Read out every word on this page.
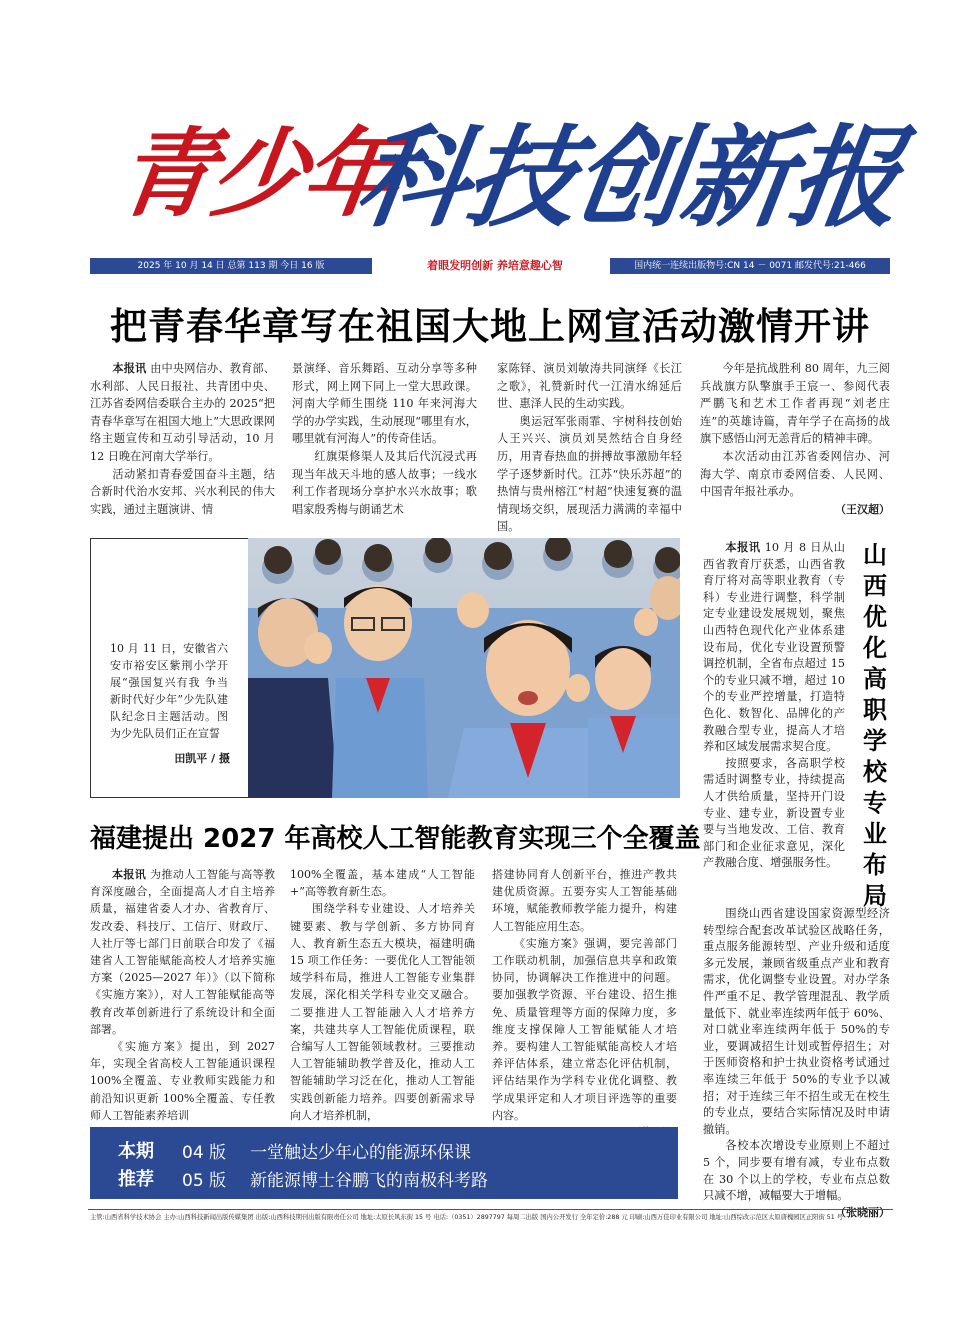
青少年
科技创新报
2025 年 10 月 14 日 总第 113 期 今日 16 版	着眼发明创新 养培意趣心智	国内统一连续出版物号:CN 14 － 0071 邮发代号:21-466
把青春华章写在祖国大地上网宣活动激情开讲

本报讯 由中央网信办、教育部、水利部、人民日报社、共青团中央、江苏省委网信委联合主办的 2025“把青春华章写在祖国大地上”大思政课网络主题宣传和互动引导活动，10 月 12 日晚在河南大学举行。

活动紧扣青春爱国奋斗主题，结合新时代治水安邦、兴水利民的伟大实践，通过主题演讲、情

景演绎、音乐舞蹈、互动分享等多种形式，网上网下同上一堂大思政课。河南大学师生围绕 110 年来河海大学的办学实践，生动展现“哪里有水，哪里就有河海人”的传奇佳话。

红旗渠修渠人及其后代沉浸式再现当年战天斗地的感人故事；一线水利工作者现场分享护水兴水故事；歌唱家殷秀梅与朗诵艺术

家陈铎、演员刘敏涛共同演绎《长江之歌》，礼赞新时代一江清水绵延后世、惠泽人民的生动实践。

奥运冠军张雨霏、宇树科技创始人王兴兴、演员刘昊然结合自身经历，用青春热血的拼搏故事激励年轻学子逐梦新时代。江苏“快乐苏超”的热情与贵州榕江“村超”快速复赛的温情现场交织，展现活力满满的幸福中国。

今年是抗战胜利 80 周年，九三阅兵战旗方队擎旗手王宸一、参阅代表严鹏飞和艺术工作者再现“刘老庄连”的英雄诗篇，青年学子在高扬的战旗下感悟山河无恙背后的精神丰碑。

本次活动由江苏省委网信办、河海大学、南京市委网信委、人民网、中国青年报社承办。

（王汉超）
10 月 11 日，安徽省六安市裕安区紫荆小学开展“强国复兴有我 争当新时代好少年”少先队建队纪念日主题活动。图为少先队员们正在宣誓
田凯平 / 摄
山西优化高职学校专业布局

本报讯 10 月 8 日从山西省教育厅获悉，山西省教育厅将对高等职业教育（专科）专业进行调整，科学制定专业建设发展规划，聚焦山西特色现代化产业体系建设布局，优化专业设置预警调控机制，全省布点超过 15 个的专业只减不增，超过 10 个的专业严控增量，打造特色化、数智化、品牌化的产教融合型专业，提高人才培养和区域发展需求契合度。

按照要求，各高职学校需适时调整专业，持续提高人才供给质量，坚持开门设专业、建专业，新设置专业要与当地发改、工信、教育部门和企业征求意见，深化产教融合度、增强服务性。

围绕山西省建设国家资源型经济转型综合配套改革试验区战略任务，重点服务能源转型、产业升级和适度多元发展，兼顾省级重点产业和教育需求，优化调整专业设置。对办学条件严重不足、教学管理混乱、教学质量低下、就业率连续两年低于 60%、对口就业率连续两年低于 50%的专业，要调减招生计划或暂停招生；对于医师资格和护士执业资格考试通过率连续三年低于 50%的专业予以减招；对于连续三年不招生或无在校生的专业点，要结合实际情况及时申请撤销。

各校本次增设专业原则上不超过 5 个，同步要有增有减，专业布点数在 30 个以上的学校，专业布点总数只减不增，减幅要大于增幅。

（张晓丽）
福建提出 2027 年高校人工智能教育实现三个全覆盖

本报讯 为推动人工智能与高等教育深度融合，全面提高人才自主培养质量，福建省委人才办、省教育厅、发改委、科技厅、工信厅、财政厅、人社厅等七部门日前联合印发了《福建省人工智能赋能高校人才培养实施方案（2025—2027 年）》（以下简称《实施方案》），对人工智能赋能高等教育改革创新进行了系统设计和全面部署。

《实施方案》提出，到 2027 年，实现全省高校人工智能通识课程 100%全覆盖、专业教师实践能力和前沿知识更新 100%全覆盖、专任教师人工智能素养培训

100%全覆盖，基本建成“人工智能+”高等教育新生态。

围绕学科专业建设、人才培养关键要素、教与学创新、多方协同育人、教育新生态五大模块，福建明确 15 项工作任务：一要优化人工智能领域学科布局，推进人工智能专业集群发展，深化相关学科专业交叉融合。二要推进人工智能融入人才培养方案，共建共享人工智能优质课程，联合编写人工智能领域教材。三要推动人工智能辅助教学普及化，推动人工智能辅助学习泛在化，推动人工智能实践创新能力培养。四要创新需求导向人才培养机制，

搭建协同育人创新平台，推进产教共建优质资源。五要夯实人工智能基础环境，赋能教师教学能力提升，构建人工智能应用生态。

《实施方案》强调，要完善部门工作联动机制，加强信息共享和政策协同，协调解决工作推进中的问题。要加强教学资源、平台建设、招生推免、质量管理等方面的保障力度，多维度支撑保障人工智能赋能人才培养。要构建人工智能赋能高校人才培养评估体系，建立常态化评估机制，评估结果作为学科专业优化调整、教学成果评定和人才项目评选等的重要内容。

本期
推荐
04 版 一堂触达少年心的能源环保课
05 版 新能源博士谷鹏飞的南极科考路
主管:山西省科学技术协会 主办:山西科技新闻出版传媒集团 出版:山西科技期刊出版有限责任公司 地址:太原长风东街 15 号 电话:（0351）2897797 每周二出版 国内公开发行 全年定价:288 元 印刷:山西万佳印业有限公司 地址:山西综改示范区太原唐槐园区正阳街 51 号
